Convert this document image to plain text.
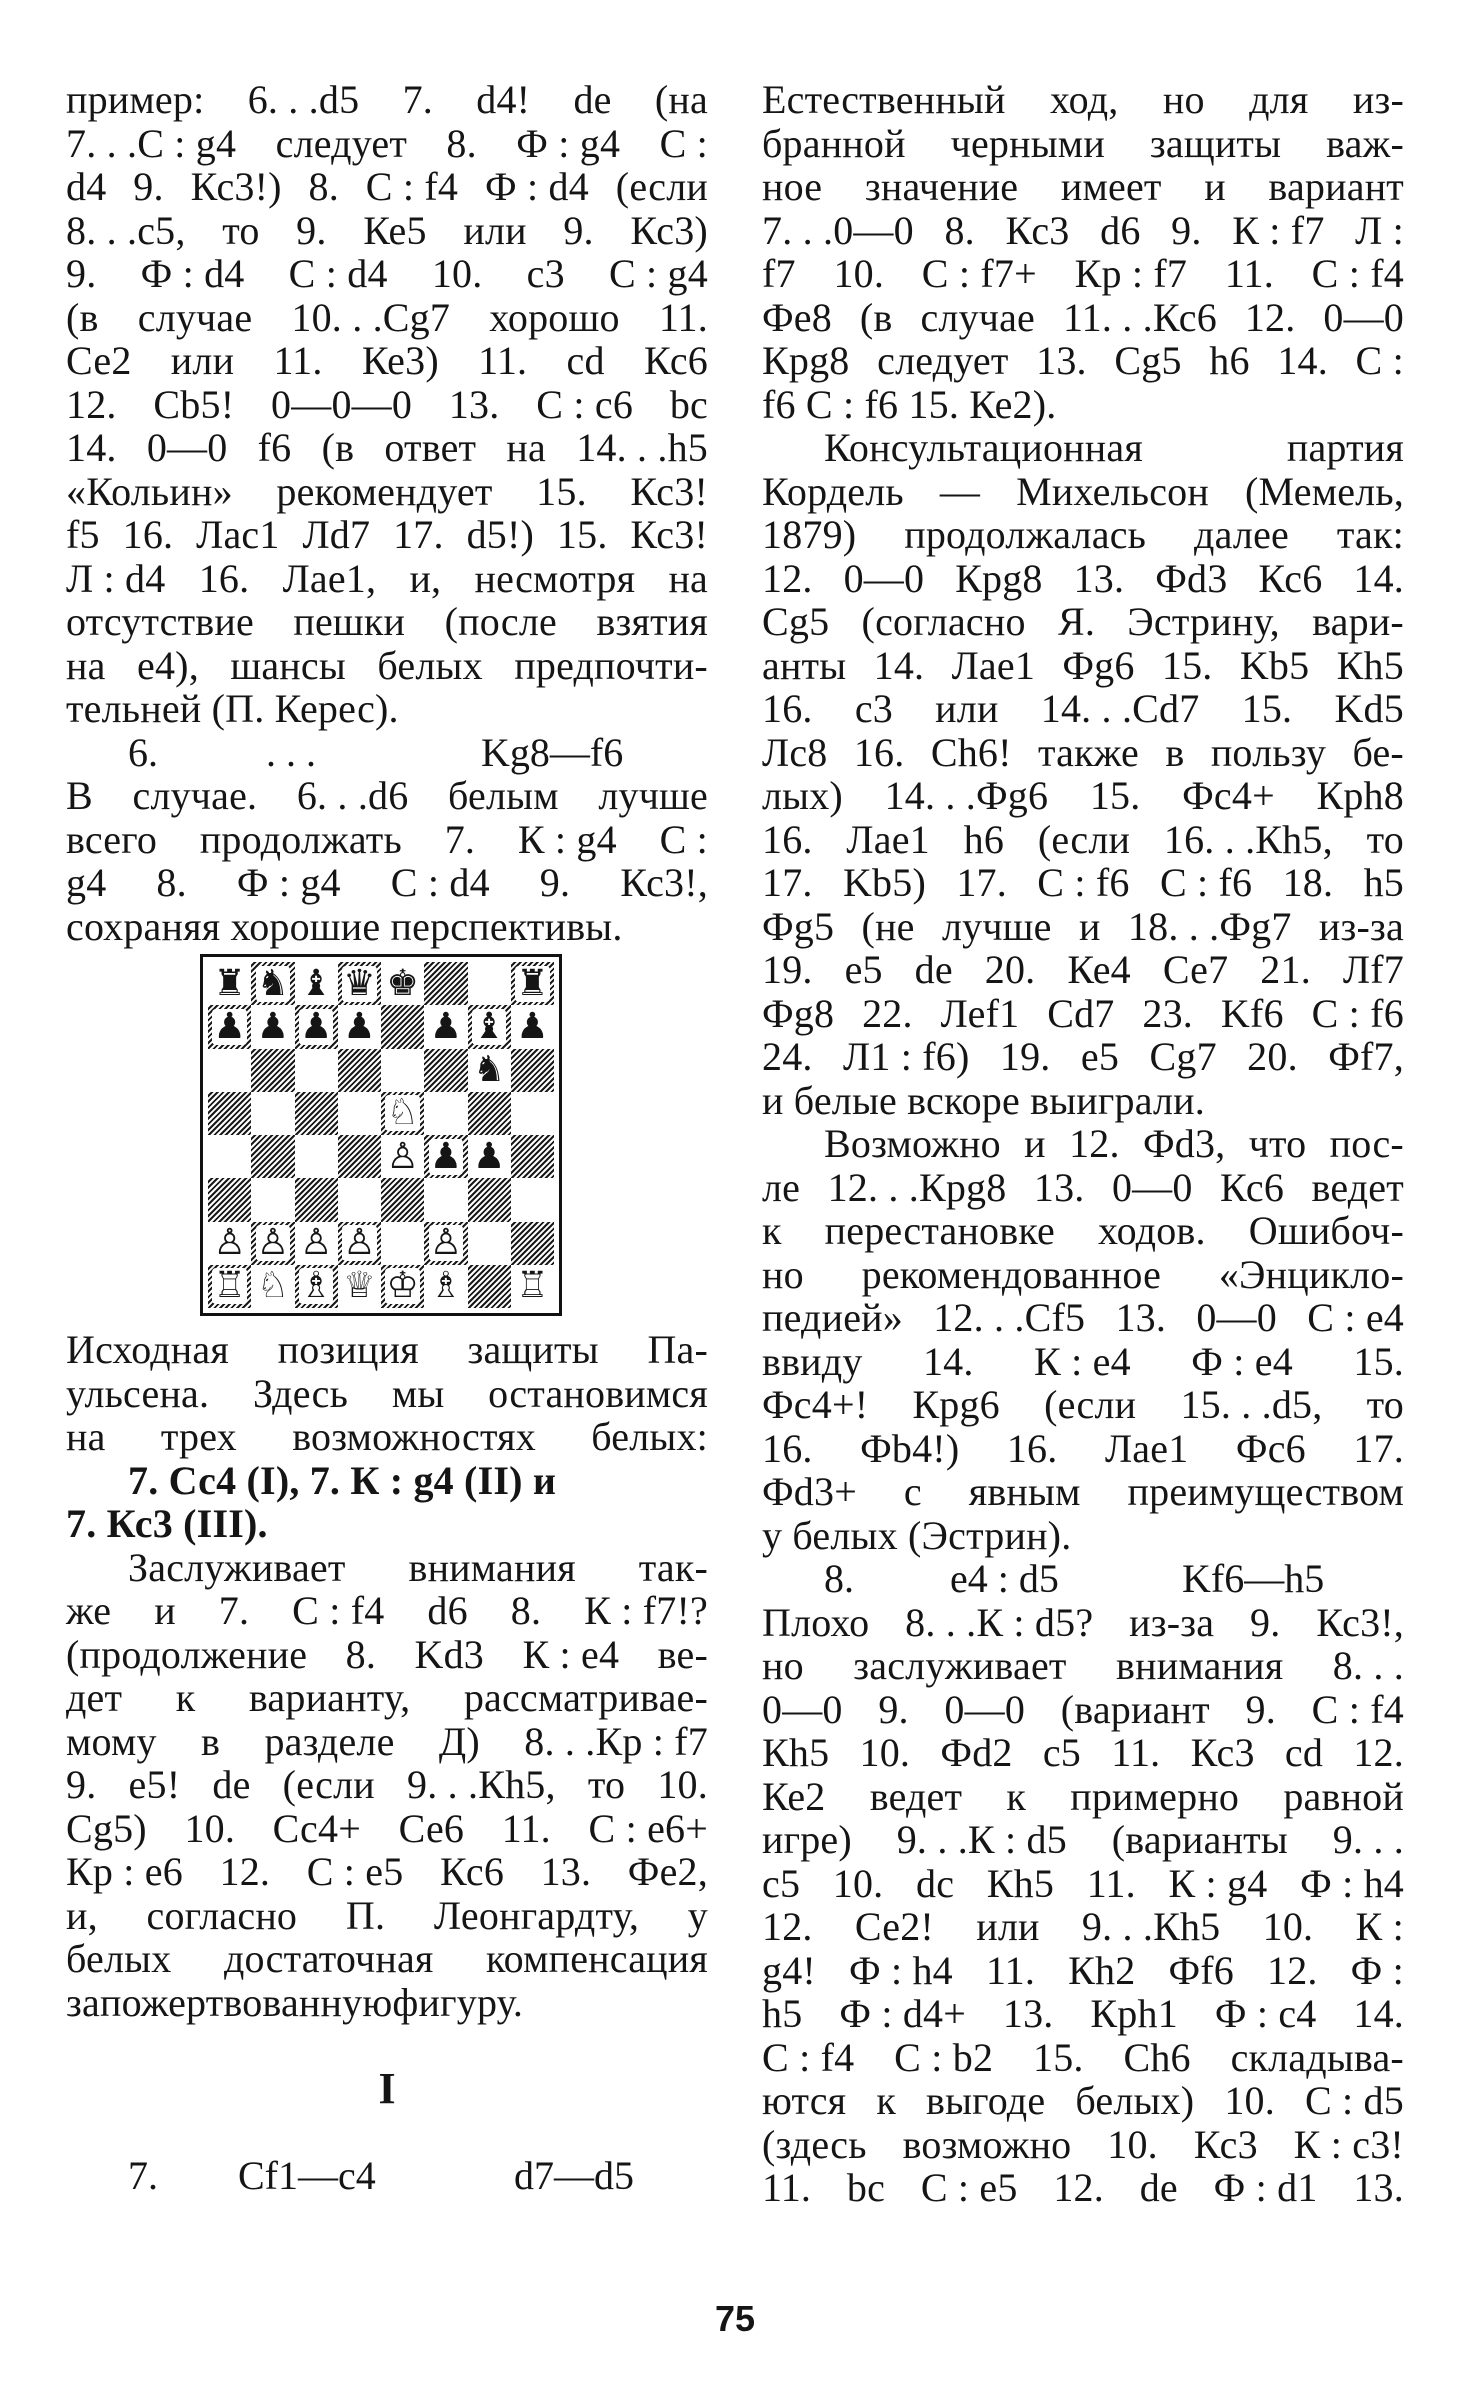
пример: 6. . .d5 7. d4! de (на
7. . .С : g4 следует 8. Ф : g4 С :
d4 9. Кс3!) 8. С : f4 Ф : d4 (если
8. . .с5, то 9. Ке5 или 9. Кс3)
9. Ф : d4 С : d4 10. с3 С : g4
(в случае 10. . .Сg7 хорошо 11.
Се2 или 11. Ке3) 11. cd Кс6
12. Cb5! 0—0—0 13. С : с6 bc
14. 0—0 f6 (в ответ на 14. . .h5
«Кольин» рекомендует 15. Кс3!
f5 16. Лас1 Лd7 17. d5!) 15. Кс3!
Л : d4 16. Лае1, и, несмотря на
отсутствие пешки (после взятия
на е4), шансы белых предпочти-
тельней (П. Керес).
6.	. . .	Kg8—f6
В случае. 6. . .d6 белым лучше
всего продолжать 7. К : g4 С :
g4 8. Ф : g4 С : d4 9. Кс3!,
сохраняя хорошие перспективы.
♜ ♞ ♝ ♛ ♚	♜
♟ ♟ ♟ ♟ ♟ ♝ ♟
♞
♘
♙ ♟ ♟
♙ ♙ ♙ ♙ ♙
♖ ♘ ♗ ♕ ♔ ♗ ♖
Исходная позиция защиты Па-
ульсена. Здесь мы остановимся
на трех возможностях белых:
7. Сс4 (I), 7. К : g4 (II) и
7. Кс3 (III).
Заслуживает внимания так-
же и 7. С : f4 d6 8. К : f7!?
(продолжение 8. Kd3 К : е4 ве-
дет к варианту, рассматривае-
мому в разделе Д) 8. . .Кр : f7
9. е5! de (если 9. . .Кh5, то 10.
Cg5) 10. Сс4+ Се6 11. С : е6+
Кр : е6 12. С : е5 Кс6 13. Фе2,
и, согласно П. Леонгардту, у
белых достаточная компенсация
за пожертвованную фигуру.
I
7. Cf1—c4	d7—d5
Естественный ход, но для из-
бранной черными защиты важ-
ное значение имеет и вариант
7. . .0—0 8. Кс3 d6 9. К : f7 Л :
f7 10. С : f7+ Кр : f7 11. С : f4
Фе8 (в случае 11. . .Кс6 12. 0—0
Крg8 следует 13. Cg5 h6 14. С :
f6 С : f6 15. Ке2).
Консультационная	партия
Кордель — Михельсон (Мемель,
1879) продолжалась далее так:
12. 0—0 Крg8 13. Фd3 Кс6 14.
Cg5 (согласно Я. Эстрину, вари-
анты 14. Лае1 Фg6 15. Kb5 Кh5
16. с3 или 14. . .Cd7 15. Kd5
Лс8 16. Ch6! также в пользу бе-
лых) 14. . .Фg6 15. Фс4+ Крh8
16. Лае1 h6 (если 16. . .Кh5, то
17. Kb5) 17. С : f6 С : f6 18. h5
Фg5 (не лучше и 18. . .Фg7 из-за
19. е5 de 20. Ке4 Се7 21. Лf7
Фg8 22. Леf1 Cd7 23. Kf6 С : f6
24. Л1 : f6) 19. е5 Cg7 20. Фf7,
и белые вскоре выиграли.
Возможно и 12. Фd3, что пос-
ле 12. . .Крg8 13. 0—0 Кс6 ведет
к перестановке ходов. Ошибоч-
но рекомендованное «Энцикло-
педией» 12. . .Cf5 13. 0—0 С : е4
ввиду 14. К : е4 Ф : е4 15.
Фс4+! Крg6 (если 15. . .d5, то
16. Фb4!) 16. Лае1 Фс6 17.
Фd3+ с явным преимуществом
у белых (Эстрин).
8. е4 : d5	Kf6—h5
Плохо 8. . .К : d5? из-за 9. Кс3!,
но заслуживает внимания 8. . .
0—0 9. 0—0 (вариант 9. С : f4
Кh5 10. Фd2 с5 11. Кс3 cd 12.
Ке2 ведет к примерно равной
игре) 9. . .К : d5 (варианты 9. . .
с5 10. dc Кh5 11. К : g4 Ф : h4
12. Се2! или 9. . .Кh5 10. К :
g4! Ф : h4 11. Кh2 Фf6 12. Ф :
h5 Ф : d4+ 13. Крh1 Ф : с4 14.
С : f4 С : b2 15. Ch6 складыва-
ются к выгоде белых) 10. С : d5
(здесь возможно 10. Кс3 К : с3!
11. bc С : е5 12. de Ф : d1 13.
75
